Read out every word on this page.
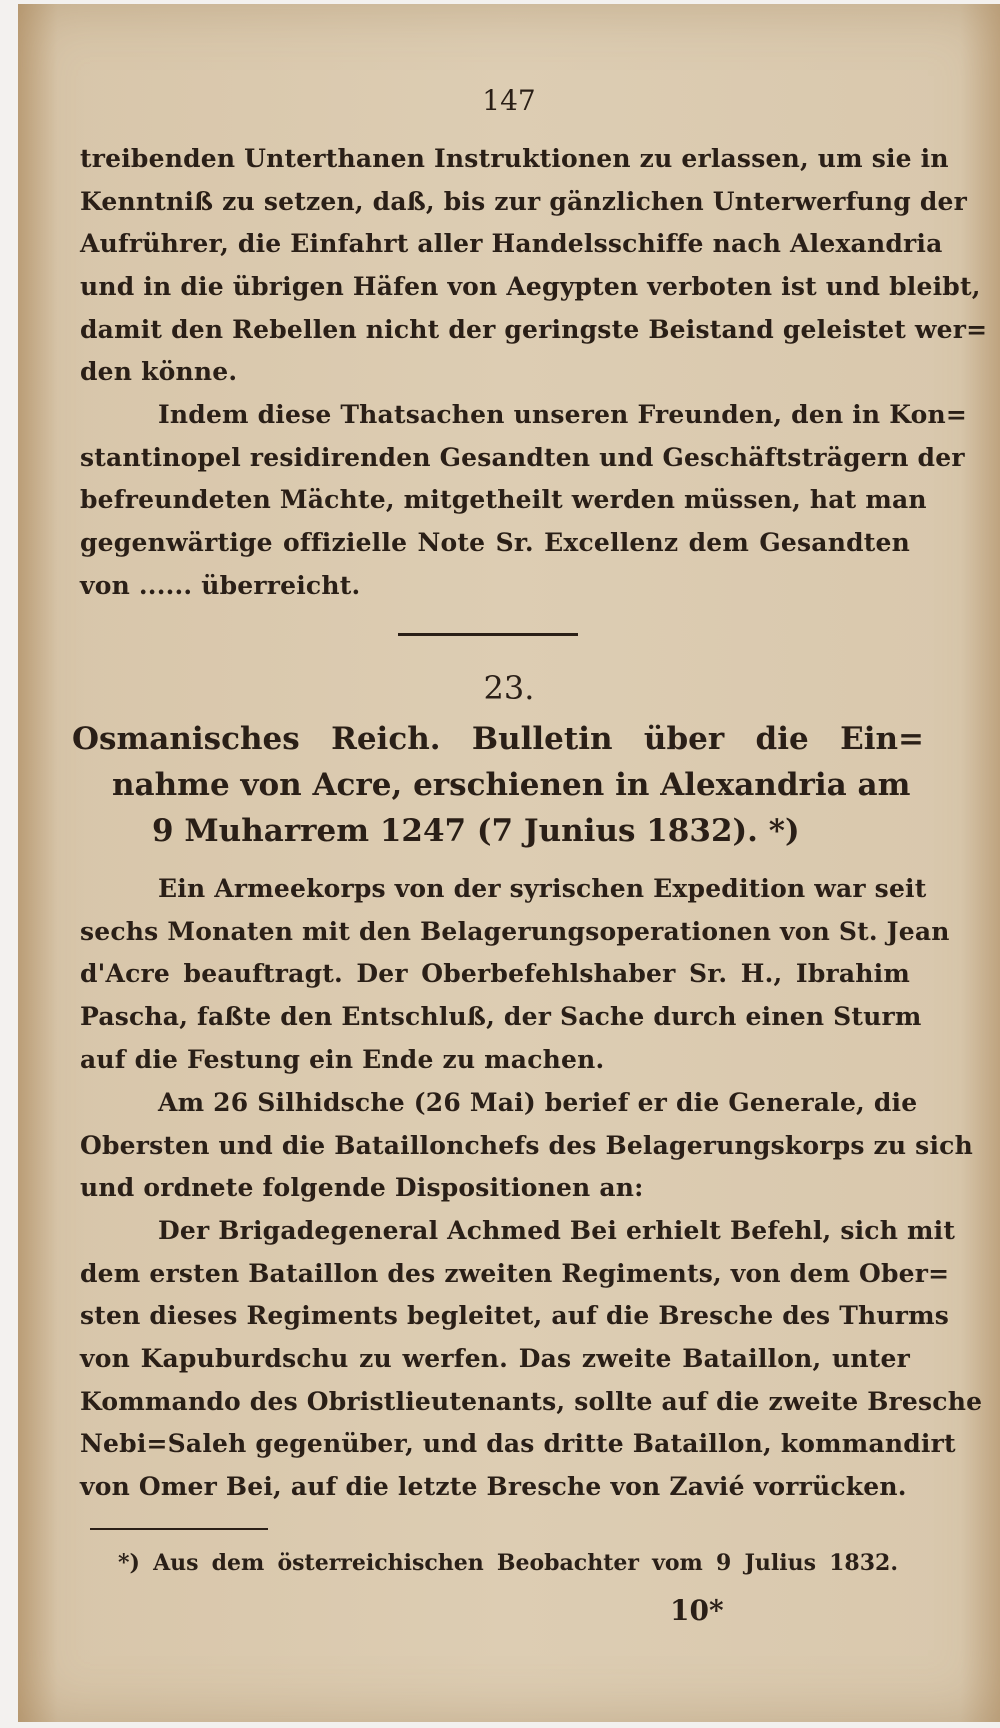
147
treibenden Unterthanen Instruktionen zu erlassen, um sie in
Kenntniß zu setzen, daß, bis zur gänzlichen Unterwerfung der
Aufrührer, die Einfahrt aller Handelsschiffe nach Alexandria
und in die übrigen Häfen von Aegypten verboten ist und bleibt,
damit den Rebellen nicht der geringste Beistand geleistet wer=
den könne.
Indem diese Thatsachen unseren Freunden, den in Kon=
stantinopel residirenden Gesandten und Geschäftsträgern der
befreundeten Mächte, mitgetheilt werden müssen, hat man
gegenwärtige offizielle Note Sr. Excellenz dem Gesandten
von ...... überreicht.
23.
Osmanisches Reich. Bulletin über die Ein=
nahme von Acre, erschienen in Alexandria am
9 Muharrem 1247 (7 Junius 1832). *)
Ein Armeekorps von der syrischen Expedition war seit
sechs Monaten mit den Belagerungsoperationen von St. Jean
d'Acre beauftragt. Der Oberbefehlshaber Sr. H., Ibrahim
Pascha, faßte den Entschluß, der Sache durch einen Sturm
auf die Festung ein Ende zu machen.
Am 26 Silhidsche (26 Mai) berief er die Generale, die
Obersten und die Bataillonchefs des Belagerungskorps zu sich
und ordnete folgende Dispositionen an:
Der Brigadegeneral Achmed Bei erhielt Befehl, sich mit
dem ersten Bataillon des zweiten Regiments, von dem Ober=
sten dieses Regiments begleitet, auf die Bresche des Thurms
von Kapuburdschu zu werfen. Das zweite Bataillon, unter
Kommando des Obristlieutenants, sollte auf die zweite Bresche
Nebi=Saleh gegenüber, und das dritte Bataillon, kommandirt
von Omer Bei, auf die letzte Bresche von Zavié vorrücken.
*) Aus dem österreichischen Beobachter vom 9 Julius 1832.
10*
